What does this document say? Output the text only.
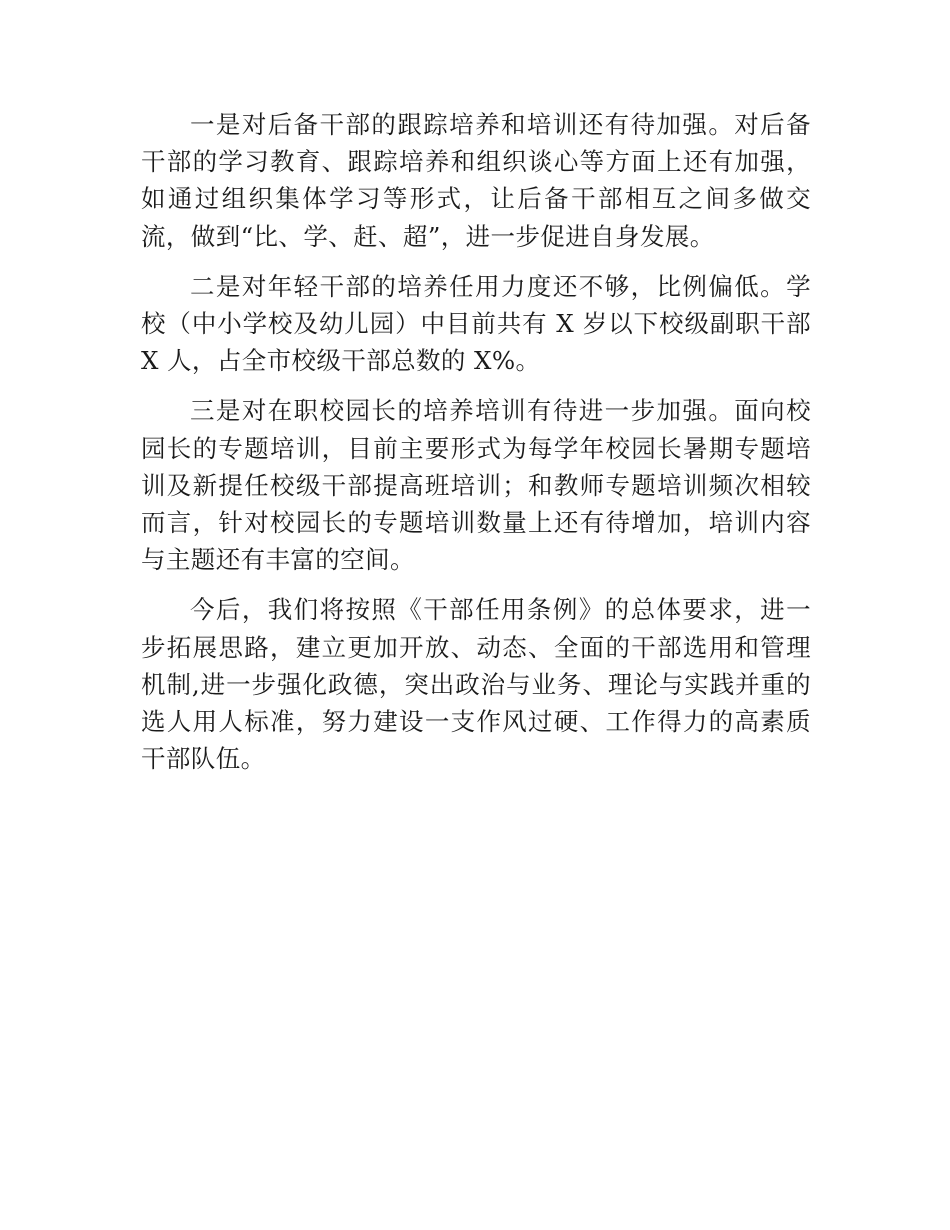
一是对后备干部的跟踪培养和培训还有待加强。对后备干部的学习教育、跟踪培养和组织谈心等方面上还有加强，如通过组织集体学习等形式，让后备干部相互之间多做交流，做到“比、学、赶、超”，进一步促进自身发展。

二是对年轻干部的培养任用力度还不够，比例偏低。学校（中小学校及幼儿园）中目前共有 X 岁以下校级副职干部 X 人，占全市校级干部总数的 X%。

三是对在职校园长的培养培训有待进一步加强。面向校园长的专题培训，目前主要形式为每学年校园长暑期专题培训及新提任校级干部提高班培训；和教师专题培训频次相较而言，针对校园长的专题培训数量上还有待增加，培训内容与主题还有丰富的空间。

今后，我们将按照《干部任用条例》的总体要求，进一步拓展思路，建立更加开放、动态、全面的干部选用和管理机制,进一步强化政德，突出政治与业务、理论与实践并重的选人用人标准，努力建设一支作风过硬、工作得力的高素质干部队伍。
